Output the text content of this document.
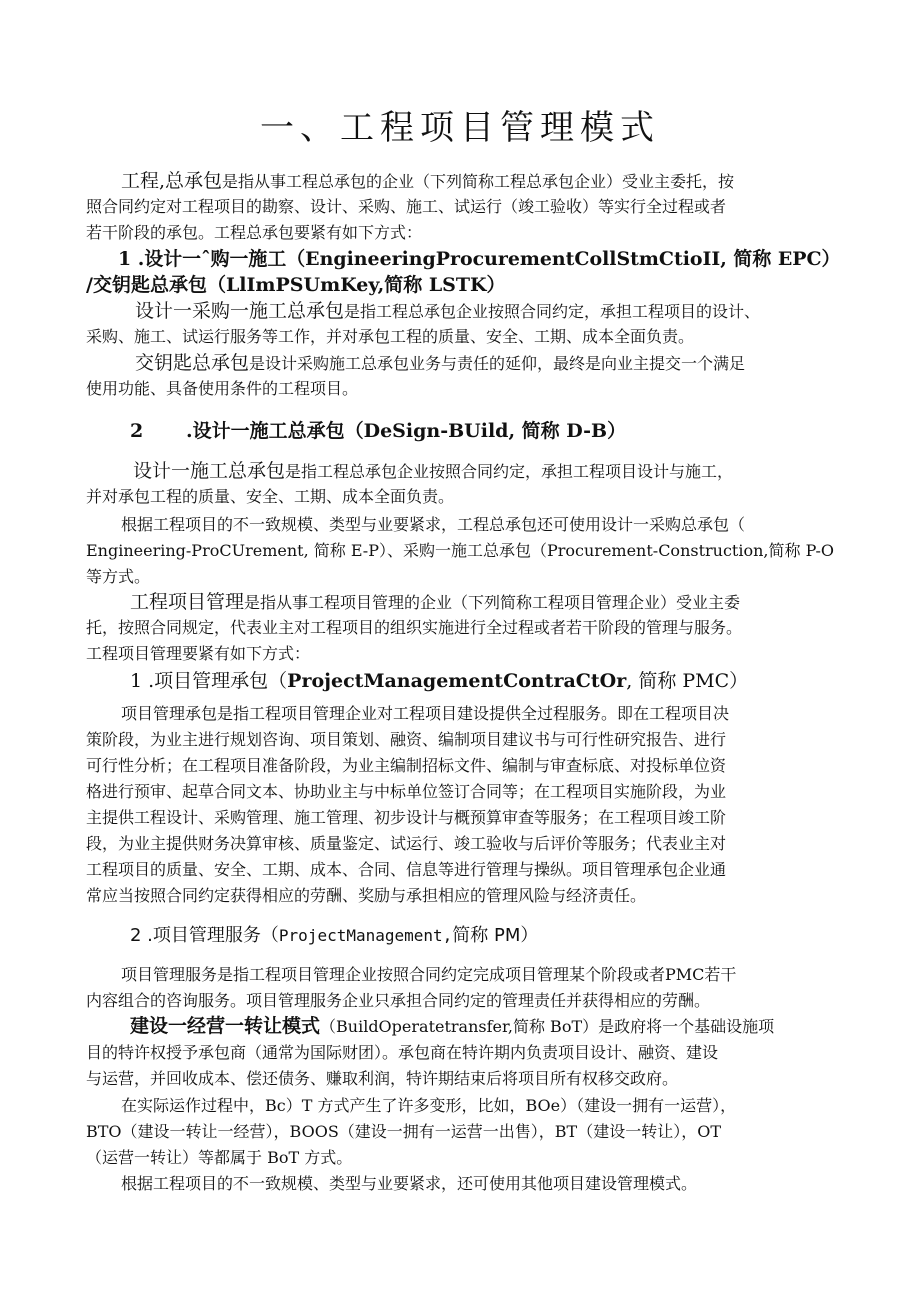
一、工程项目管理模式

工程,总承包是指从事工程总承包的企业（下列简称工程总承包企业）受业主委托，按

照合同约定对工程项目的勘察、设计、采购、施工、试运行（竣工验收）等实行全过程或者

若干阶段的承包。工程总承包要紧有如下方式：

1 .设计一ˆ购一施工（EngineeringProcurementCollStmCtioII, 简称 EPC）

/交钥匙总承包（LlImPSUmKey,简称 LSTK）

设计一采购一施工总承包是指工程总承包企业按照合同约定，承担工程项目的设计、

采购、施工、试运行服务等工作，并对承包工程的质量、安全、工期、成本全面负责。

交钥匙总承包是设计采购施工总承包业务与责任的延仰，最终是向业主提交一个满足

使用功能、具备使用条件的工程项目。

2 .设计一施工总承包（DeSign-BUild, 简称 D-B）

设计一施工总承包是指工程总承包企业按照合同约定，承担工程项目设计与施工，

并对承包工程的质量、安全、工期、成本全面负责。

根据工程项目的不一致规模、类型与业要紧求，工程总承包还可使用设计一采购总承包（

Engineering-ProCUrement, 简称 E-P）、采购一施工总承包（Procurement-Construction,简称 P-O

等方式。

工程项目管理是指从事工程项目管理的企业（下列简称工程项目管理企业）受业主委

托，按照合同规定，代表业主对工程项目的组织实施进行全过程或者若干阶段的管理与服务。

工程项目管理要紧有如下方式：

1 .项目管理承包（ProjectManagementContraCtOr, 简称 PMC）

项目管理承包是指工程项目管理企业对工程项目建设提供全过程服务。即在工程项目决

策阶段，为业主进行规划咨询、项目策划、融资、编制项目建议书与可行性研究报告、进行

可行性分析；在工程项目准备阶段，为业主编制招标文件、编制与审查标底、对投标单位资

格进行预审、起草合同文本、协助业主与中标单位签订合同等；在工程项目实施阶段，为业

主提供工程设计、采购管理、施工管理、初步设计与概预算审查等服务；在工程项目竣工阶

段，为业主提供财务决算审核、质量鉴定、试运行、竣工验收与后评价等服务；代表业主对

工程项目的质量、安全、工期、成本、合同、信息等进行管理与操纵。项目管理承包企业通

常应当按照合同约定获得相应的劳酬、奖励与承担相应的管理风险与经济责任。

2 .项目管理服务（ProjectManagement,简称 PM）

项目管理服务是指工程项目管理企业按照合同约定完成项目管理某个阶段或者PMC若干

内容组合的咨询服务。项目管理服务企业只承担合同约定的管理责任并获得相应的劳酬。

建设一经营一转让模式（BuildOperatetransfer,简称 BoT）是政府将一个基础设施项

目的特许权授予承包商（通常为国际财团）。承包商在特许期内负责项目设计、融资、建设

与运营，并回收成本、偿还债务、赚取利润，特许期结束后将项目所有权移交政府。

在实际运作过程中，Bc）T 方式产生了许多变形，比如，BOe）（建设一拥有一运营），

BTO（建设一转让一经营），BOOS（建设一拥有一运营一出售），BT（建设一转让），OT

（运营一转让）等都属于 BoT 方式。

根据工程项目的不一致规模、类型与业要紧求，还可使用其他项目建设管理模式。
